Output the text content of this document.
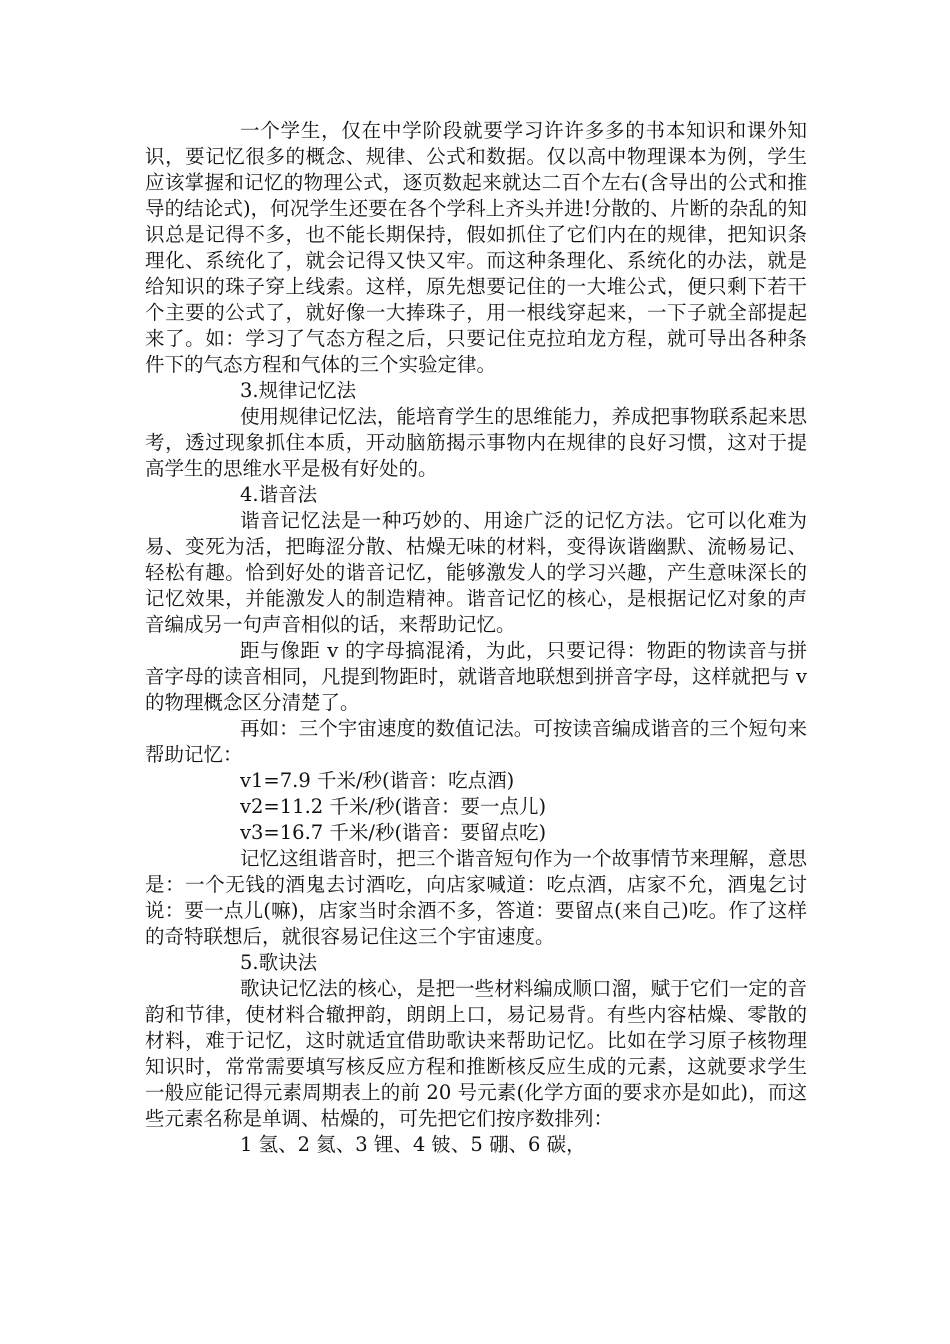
一个学生，仅在中学阶段就要学习许许多多的书本知识和课外知识，要记忆很多的概念、规律、公式和数据。仅以高中物理课本为例，学生应该掌握和记忆的物理公式，逐页数起来就达二百个左右(含导出的公式和推导的结论式)，何况学生还要在各个学科上齐头并进!分散的、片断的杂乱的知识总是记得不多，也不能长期保持，假如抓住了它们内在的规律，把知识条理化、系统化了，就会记得又快又牢。而这种条理化、系统化的办法，就是给知识的珠子穿上线索。这样，原先想要记住的一大堆公式，便只剩下若干个主要的公式了，就好像一大捧珠子，用一根线穿起来，一下子就全部提起来了。如：学习了气态方程之后，只要记住克拉珀龙方程，就可导出各种条件下的气态方程和气体的三个实验定律。

3.规律记忆法

使用规律记忆法，能培育学生的思维能力，养成把事物联系起来思考，透过现象抓住本质，开动脑筋揭示事物内在规律的良好习惯，这对于提高学生的思维水平是极有好处的。

4.谐音法

谐音记忆法是一种巧妙的、用途广泛的记忆方法。它可以化难为易、变死为活，把晦涩分散、枯燥无味的材料，变得诙谐幽默、流畅易记、轻松有趣。恰到好处的谐音记忆，能够激发人的学习兴趣，产生意味深长的记忆效果，并能激发人的制造精神。谐音记忆的核心，是根据记忆对象的声音编成另一句声音相似的话，来帮助记忆。

距与像距 v 的字母搞混淆，为此，只要记得：物距的物读音与拼音字母的读音相同，凡提到物距时，就谐音地联想到拼音字母，这样就把与 v 的物理概念区分清楚了。

再如：三个宇宙速度的数值记法。可按读音编成谐音的三个短句来帮助记忆：

v1=7.9 千米/秒(谐音：吃点酒)

v2=11.2 千米/秒(谐音：要一点儿)

v3=16.7 千米/秒(谐音：要留点吃)

记忆这组谐音时，把三个谐音短句作为一个故事情节来理解，意思是：一个无钱的酒鬼去讨酒吃，向店家喊道：吃点酒，店家不允，酒鬼乞讨说：要一点儿(嘛)，店家当时余酒不多，答道：要留点(来自己)吃。作了这样的奇特联想后，就很容易记住这三个宇宙速度。

5.歌诀法

歌诀记忆法的核心，是把一些材料编成顺口溜，赋于它们一定的音韵和节律，使材料合辙押韵，朗朗上口，易记易背。有些内容枯燥、零散的材料，难于记忆，这时就适宜借助歌诀来帮助记忆。比如在学习原子核物理知识时，常常需要填写核反应方程和推断核反应生成的元素，这就要求学生一般应能记得元素周期表上的前 20 号元素(化学方面的要求亦是如此)，而这些元素名称是单调、枯燥的，可先把它们按序数排列：

1 氢、2 氦、3 锂、4 铍、5 硼、6 碳，
